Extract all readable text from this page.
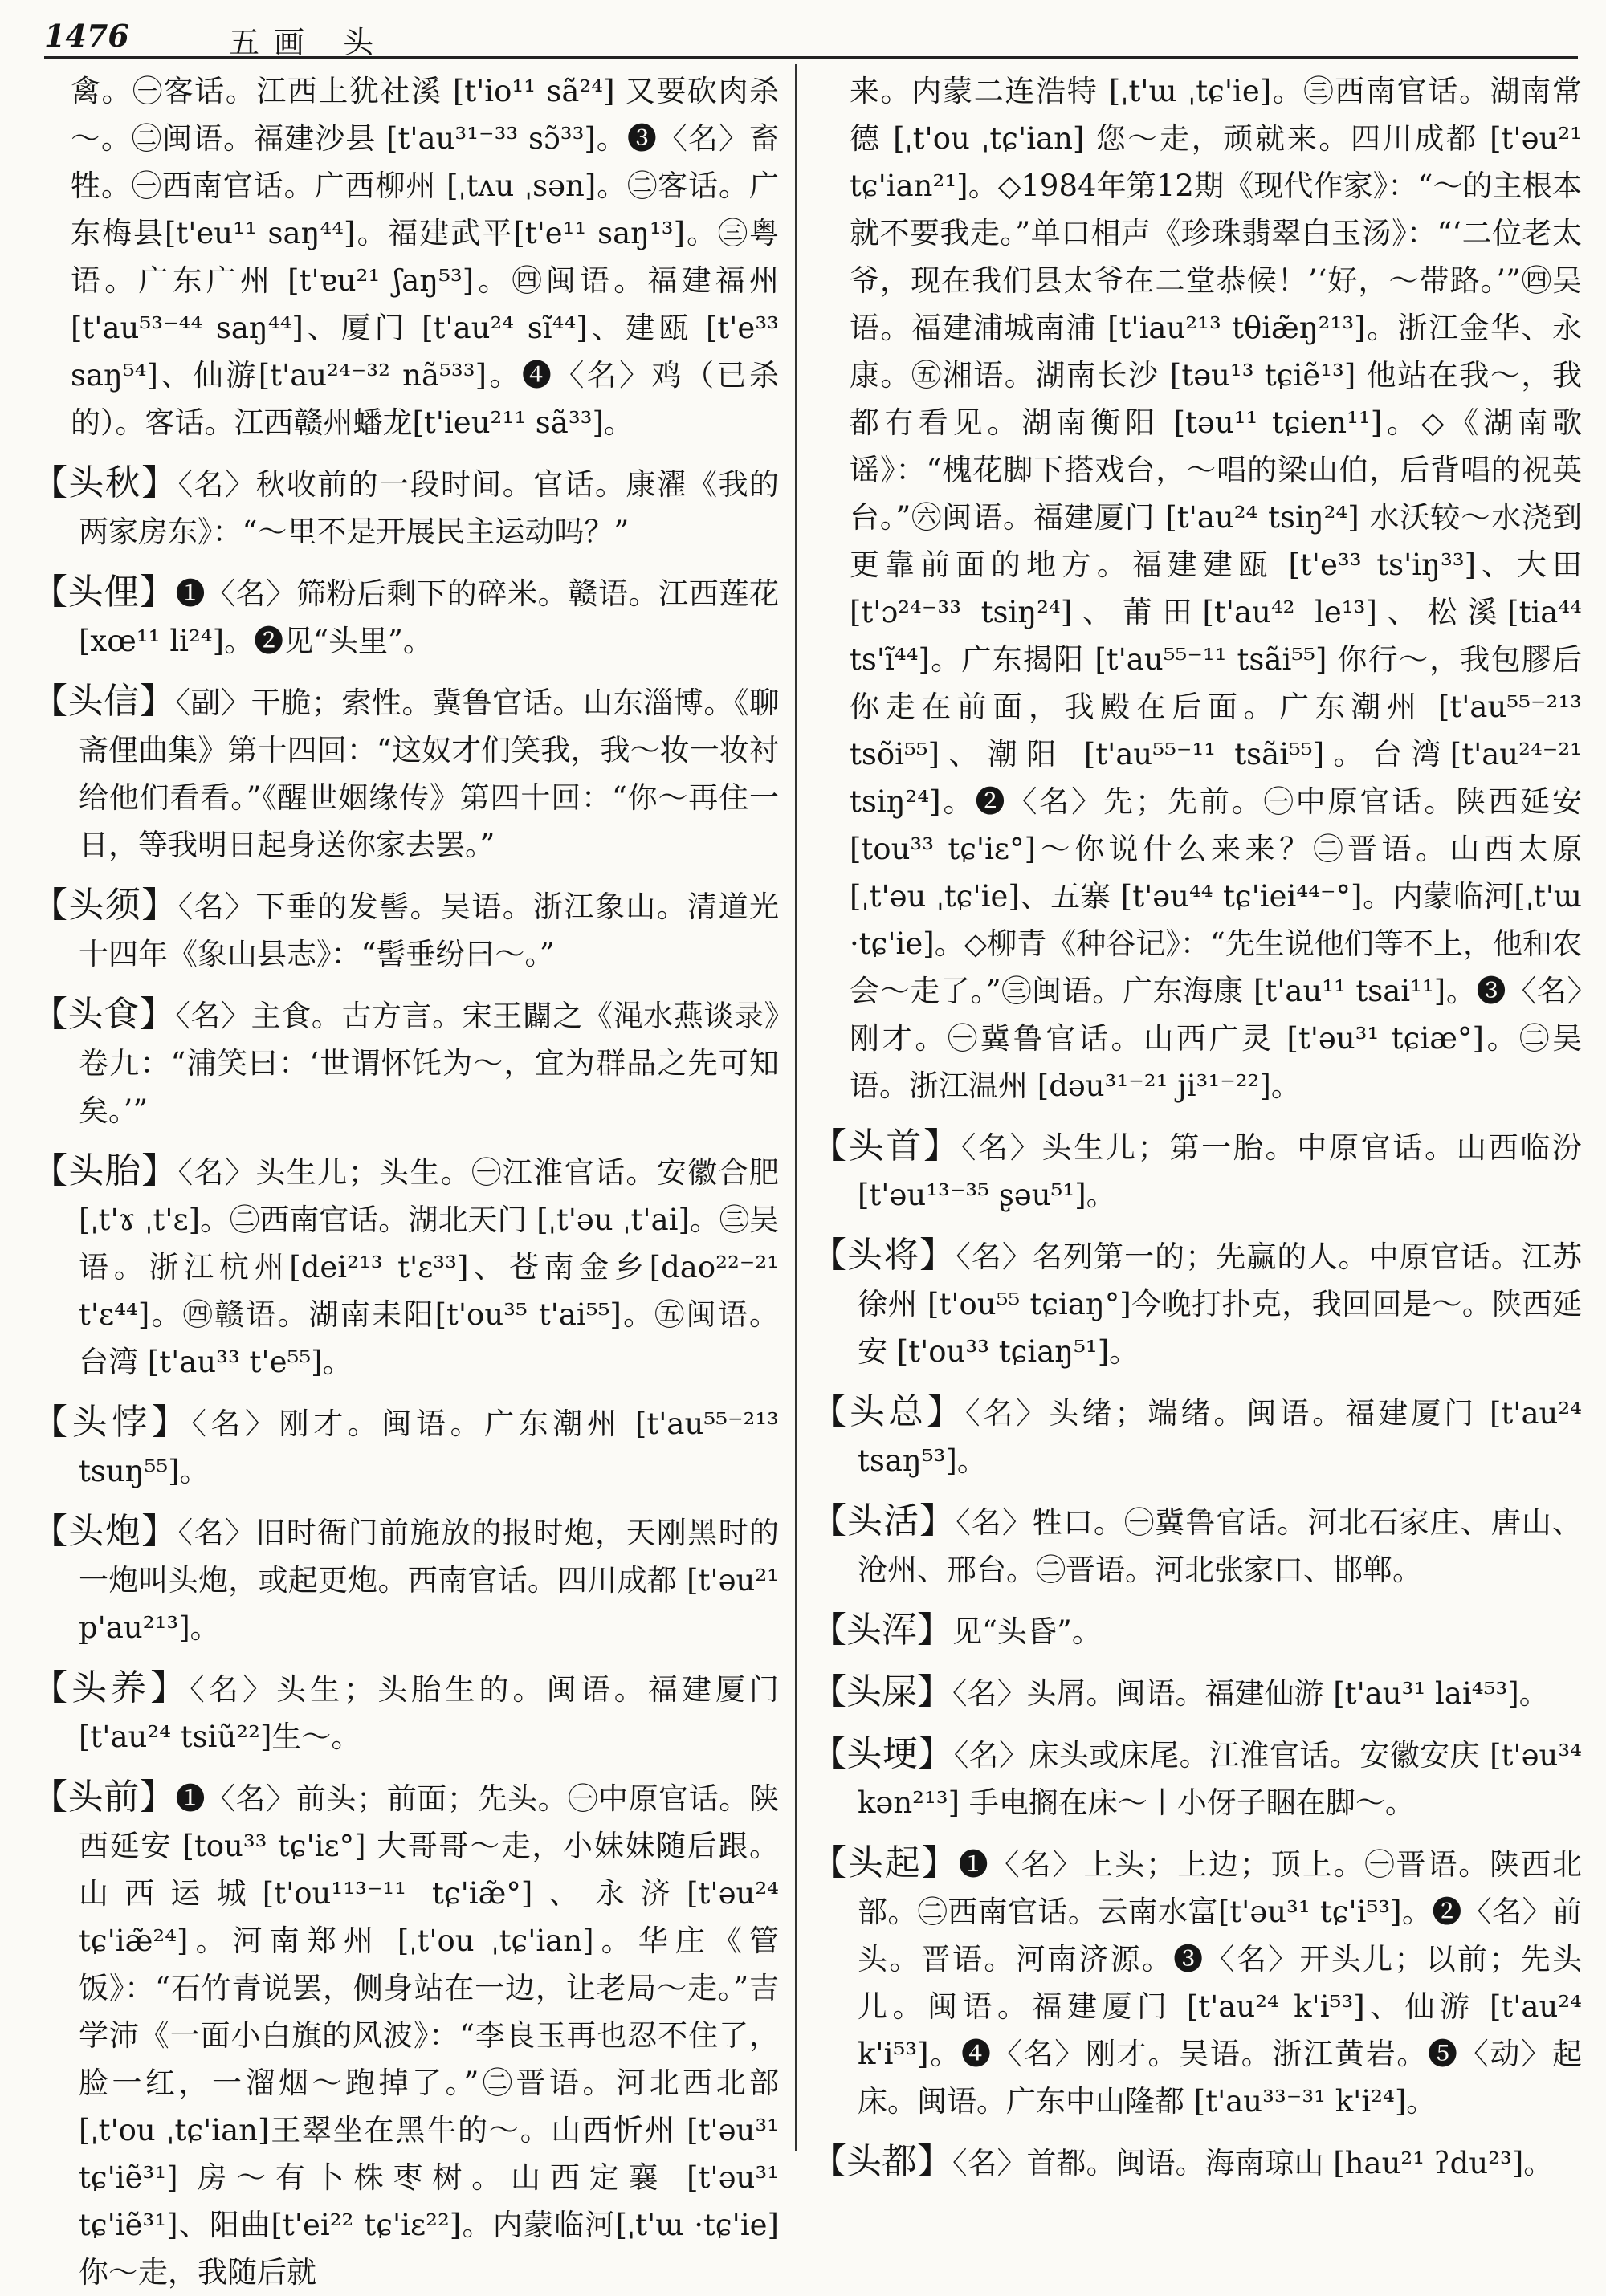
1476	五画 头
禽。㊀客话。江西上犹社溪 [t'io¹¹ sã²⁴] 又要砍肉杀～。㊁闽语。福建沙县 [t'au³¹⁻³³ sɔ̃³³]。❸〈名〉畜牲。㊀西南官话。广西柳州 [ˌtʌu ˌsən]。㊁客话。广东梅县[t'eu¹¹ saŋ⁴⁴]。福建武平[t'e¹¹ saŋ¹³]。㊂粤语。广东广州 [t'ɐu²¹ ʃaŋ⁵³]。㊃闽语。福建福州 [t'au⁵³⁻⁴⁴ saŋ⁴⁴]、厦门 [t'au²⁴ sĩ⁴⁴]、建瓯 [t'e³³ saŋ⁵⁴]、仙游[t'au²⁴⁻³² nã⁵³³]。❹〈名〉鸡（已杀的）。客话。江西赣州蟠龙[t'ieu²¹¹ sã³³]。
【头秋】〈名〉秋收前的一段时间。官话。康濯《我的两家房东》：“～里不是开展民主运动吗？”
【头俚】❶〈名〉筛粉后剩下的碎米。赣语。江西莲花[xœ¹¹ li²⁴]。❷见“头里”。
【头信】〈副〉干脆；索性。冀鲁官话。山东淄博。《聊斋俚曲集》第十四回：“这奴才们笑我，我～妆一妆衬给他们看看。”《醒世姻缘传》第四十回：“你～再住一日，等我明日起身送你家去罢。”
【头须】〈名〉下垂的发髻。吴语。浙江象山。清道光十四年《象山县志》：“髻垂纷曰～。”
【头食】〈名〉主食。古方言。宋王闢之《渑水燕谈录》卷九：“浦笑曰：‘世谓怀饦为～，宜为群品之先可知矣。’”
【头胎】〈名〉头生儿；头生。㊀江淮官话。安徽合肥[ˌt'ɤ ˌt'ɛ]。㊁西南官话。湖北天门 [ˌt'əu ˌt'ai]。㊂吴语。浙江杭州[dei²¹³ t'ɛ³³]、苍南金乡[dao²²⁻²¹ t'ɛ⁴⁴]。㊃赣语。湖南耒阳[t'ou³⁵ t'ai⁵⁵]。㊄闽语。台湾 [t'au³³ t'e⁵⁵]。
【头悖】〈名〉刚才。闽语。广东潮州 [t'au⁵⁵⁻²¹³ tsuŋ⁵⁵]。
【头炮】〈名〉旧时衙门前施放的报时炮，天刚黑时的一炮叫头炮，或起更炮。西南官话。四川成都 [t'əu²¹ p'au²¹³]。
【头养】〈名〉头生；头胎生的。闽语。福建厦门 [t'au²⁴ tsiũ²²]生～。
【头前】❶〈名〉前头；前面；先头。㊀中原官话。陕西延安 [tou³³ tɕ'iɛ°] 大哥哥～走，小妹妹随后跟。山西运城[t'ou¹¹³⁻¹¹ tɕ'iæ̃°]、永济[t'əu²⁴ tɕ'iæ̃²⁴]。河南郑州 [ˌt'ou ˌtɕ'ian]。华庄《管饭》：“石竹青说罢，侧身站在一边，让老局～走。”吉学沛《一面小白旗的风波》：“李良玉再也忍不住了，脸一红，一溜烟～跑掉了。”㊁晋语。河北西北部[ˌt'ou ˌtɕ'ian]王翠坐在黑牛的～。山西忻州 [t'əu³¹ tɕ'iẽ³¹] 房～有卜株枣树。山西定襄 [t'əu³¹ tɕ'iẽ³¹]、阳曲[t'ei²² tɕ'iɛ²²]。内蒙临河[ˌt'ɯ ·tɕ'ie] 你～走，我随后就
来。内蒙二连浩特 [ˌt'ɯ ˌtɕ'ie]。㊂西南官话。湖南常德 [ˌt'ou ˌtɕ'ian] 您～走，顽就来。四川成都 [t'əu²¹ tɕ'ian²¹]。◇1984年第12期《现代作家》：“～的主根本就不要我走。”单口相声《珍珠翡翠白玉汤》：“‘二位老太爷，现在我们县太爷在二堂恭候！’‘好，～带路。’”㊃吴语。福建浦城南浦 [t'iau²¹³ tθiæ̃ŋ²¹³]。浙江金华、永康。㊄湘语。湖南长沙 [təu¹³ tɕiẽ¹³] 他站在我～，我都冇看见。湖南衡阳 [təu¹¹ tɕien¹¹]。◇《湖南歌谣》：“槐花脚下搭戏台，～唱的梁山伯，后背唱的祝英台。”㊅闽语。福建厦门 [t'au²⁴ tsiŋ²⁴] 水沃较～水浇到更靠前面的地方。福建建瓯 [t'e³³ ts'iŋ³³]、大田 [t'ɔ²⁴⁻³³ tsiŋ²⁴]、莆田[t'au⁴² le¹³]、松溪[tia⁴⁴ ts'ĩ⁴⁴]。广东揭阳 [t'au⁵⁵⁻¹¹ tsãi⁵⁵] 你行～，我包膠后你走在前面，我殿在后面。广东潮州 [t'au⁵⁵⁻²¹³ tsõi⁵⁵]、潮阳 [t'au⁵⁵⁻¹¹ tsãi⁵⁵]。台湾[t'au²⁴⁻²¹ tsiŋ²⁴]。❷〈名〉先；先前。㊀中原官话。陕西延安 [tou³³ tɕ'iɛ°]～你说什么来来？㊁晋语。山西太原 [ˌt'əu ˌtɕ'ie]、五寨 [t'əu⁴⁴ tɕ'iei⁴⁴⁻°]。内蒙临河[ˌt'ɯ ·tɕ'ie]。◇柳青《种谷记》：“先生说他们等不上，他和农会～走了。”㊂闽语。广东海康 [t'au¹¹ tsai¹¹]。❸〈名〉刚才。㊀冀鲁官话。山西广灵 [t'əu³¹ tɕiæ°]。㊁吴语。浙江温州 [dəu³¹⁻²¹ ji³¹⁻²²]。
【头首】〈名〉头生儿；第一胎。中原官话。山西临汾 [t'əu¹³⁻³⁵ ʂəu⁵¹]。
【头将】〈名〉名列第一的；先赢的人。中原官话。江苏徐州 [t'ou⁵⁵ tɕiaŋ°]今晚打扑克，我回回是～。陕西延安 [t'ou³³ tɕiaŋ⁵¹]。
【头总】〈名〉头绪；端绪。闽语。福建厦门 [t'au²⁴ tsaŋ⁵³]。
【头活】〈名〉牲口。㊀冀鲁官话。河北石家庄、唐山、沧州、邢台。㊁晋语。河北张家口、邯郸。
【头浑】见“头昏”。
【头屎】〈名〉头屑。闽语。福建仙游 [t'au³¹ lai⁴⁵³]。
【头埂】〈名〉床头或床尾。江淮官话。安徽安庆 [t'əu³⁴ kən²¹³] 手电搁在床～丨小伢子睏在脚～。
【头起】❶〈名〉上头；上边；顶上。㊀晋语。陕西北部。㊁西南官话。云南水富[t'əu³¹ tɕ'i⁵³]。❷〈名〉前头。晋语。河南济源。❸〈名〉开头儿；以前；先头儿。闽语。福建厦门 [t'au²⁴ k'i⁵³]、仙游 [t'au²⁴ k'i⁵³]。❹〈名〉刚才。吴语。浙江黄岩。❺〈动〉起床。闽语。广东中山隆都 [t'au³³⁻³¹ k'i²⁴]。
【头都】〈名〉首都。闽语。海南琼山 [hau²¹ ʔdu²³]。
